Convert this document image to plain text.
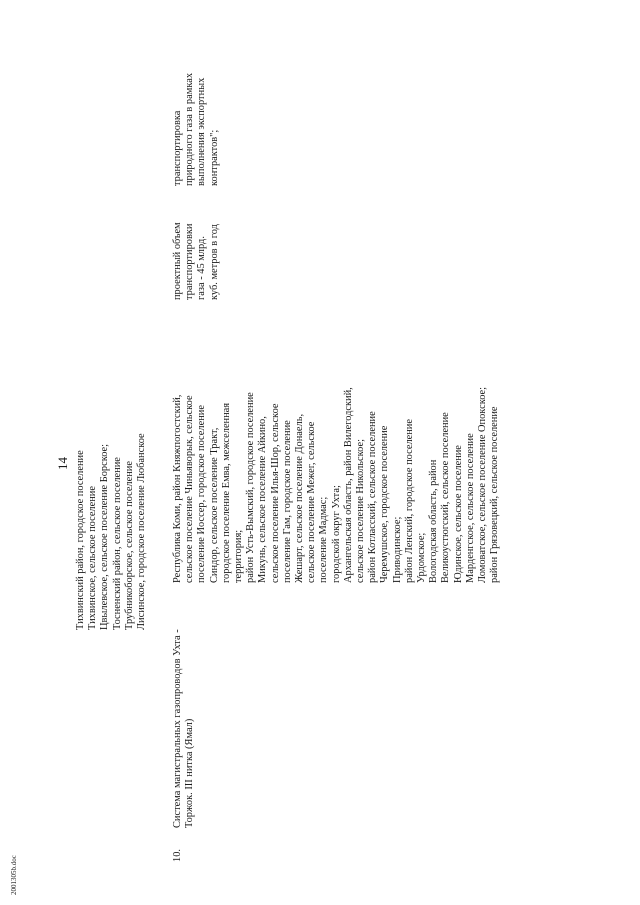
14 Тихвинский район, городское поселение Тихвинское, сельское поселение Цвылевское, сельское поселение Борское; Тосненский район, сельское поселение Трубникоборское, сельское поселение Лисинское, городское поселение Любанское
10.
Система магистральных газопроводов Ухта - Торжок. III нитка (Ямал)
Республика Коми, район Княжпогостский, сельское поселение Чиньяворык, сельское поселение Иоссер, городское поселение Синдор, сельское поселение Тракт, городское поселение Емва, межселенная территория; район Усть-Вымский, городское поселение Микунь, сельское поселение Айкино, сельское поселение Илья-Шор, сельское поселение Гам, городское поселение Жешарт, сельское поселение Донаель, сельское поселение Межег, сельское поселение Мадмас; городской округ Ухта; Архангельская область, район Вилегодский, сельское поселение Никольское; район Котласский, сельское поселение Черемушское, городское поселение Приводинское; район Ленский, городское поселение Урдомское; Вологодская область, район Великоустюгский, сельское поселение Юдинское, сельское поселение Марденгское, сельское поселение Ломоватское, сельское поселение Опокское; район Грязовецкий, сельское поселение
проектный объем транспортировки газа - 45 млрд. куб. метров в год
транспортировка природного газа в рамках выполнения экспортных контрактов";
2001305b.doc
